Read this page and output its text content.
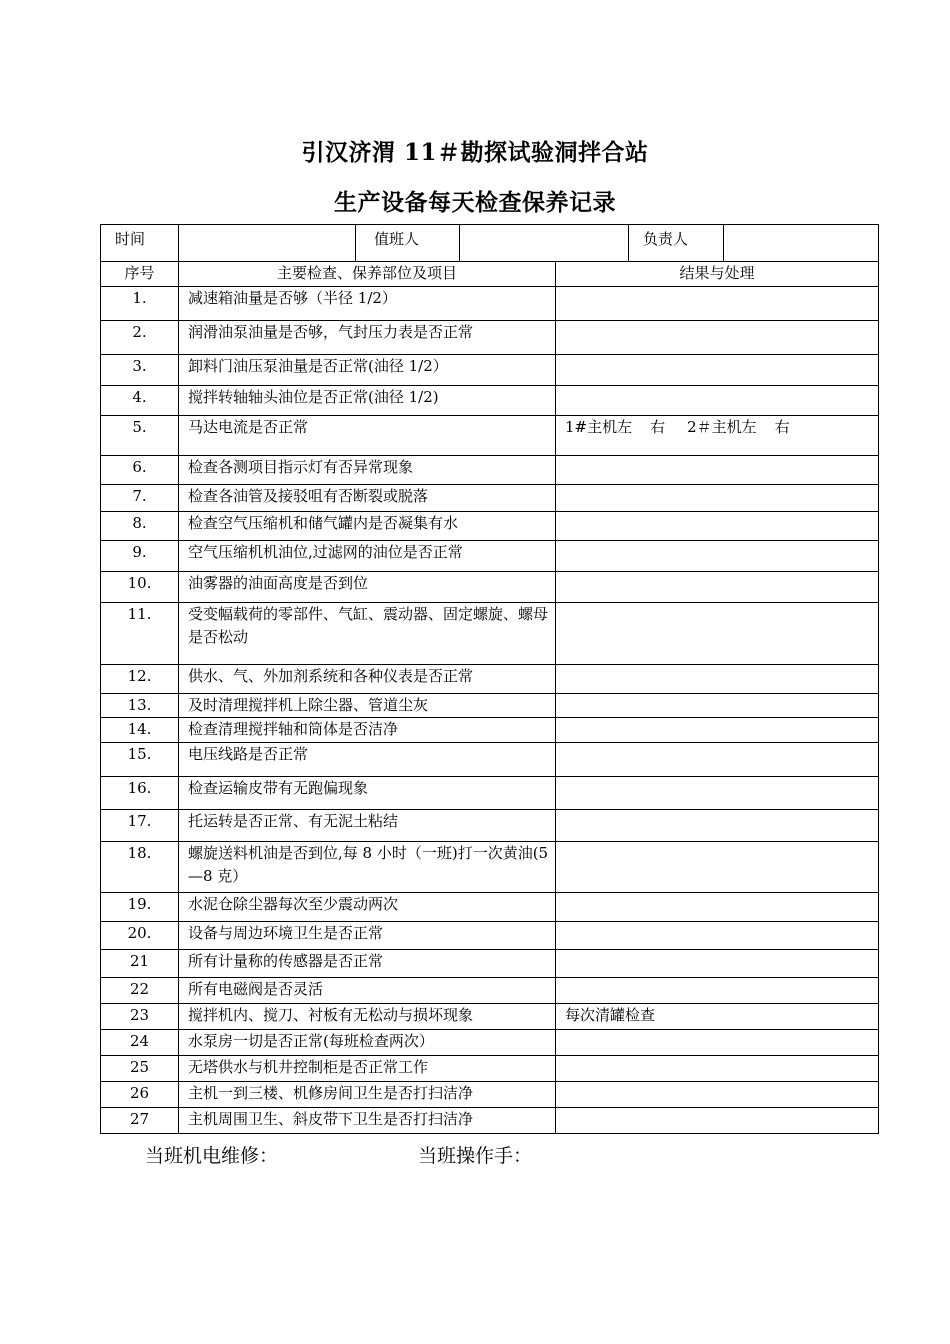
引汉济渭 11＃勘探试验洞拌合站
生产设备每天检查保养记录
时间		值班人			负责人	
序号	主要检查、保养部位及项目			结果与处理		
1.	减速箱油量是否够（半径 1/2）					
2.	润滑油泵油量是否够，气封压力表是否正常					
3.	卸料门油压泵油量是否正常(油径 1/2）					
4.	搅拌转轴轴头油位是否正常(油径 1/2)					
5.	马达电流是否正常			1#主机左 右 2＃主机左 右		
6.	检查各测项目指示灯有否异常现象					
7.	检查各油管及接驳咀有否断裂或脱落					
8.	检查空气压缩机和储气罐内是否凝集有水					
9.	空气压缩机机油位,过滤网的油位是否正常					
10.	油雾器的油面高度是否到位					
11.	受变幅载荷的零部件、气缸、震动器、固定螺旋、螺母是否松动					
12.	供水、气、外加剂系统和各种仪表是否正常					
13.	及时清理搅拌机上除尘器、管道尘灰					
14.	检查清理搅拌轴和筒体是否洁净					
15.	电压线路是否正常					
16.	检查运输皮带有无跑偏现象					
17.	托运转是否正常、有无泥土粘结					
18.	螺旋送料机油是否到位,每 8 小时（一班)打一次黄油(5—8 克）					
19.	水泥仓除尘器每次至少震动两次					
20.	设备与周边环境卫生是否正常					
21	所有计量称的传感器是否正常					
22	所有电磁阀是否灵活					
23	搅拌机内、搅刀、衬板有无松动与损坏现象			每次清罐检查		
24	水泵房一切是否正常(每班检查两次）					
25	无塔供水与机井控制柜是否正常工作					
26	主机一到三楼、机修房间卫生是否打扫洁净					
27	主机周围卫生、斜皮带下卫生是否打扫洁净					
当班机电维修：	当班操作手：
